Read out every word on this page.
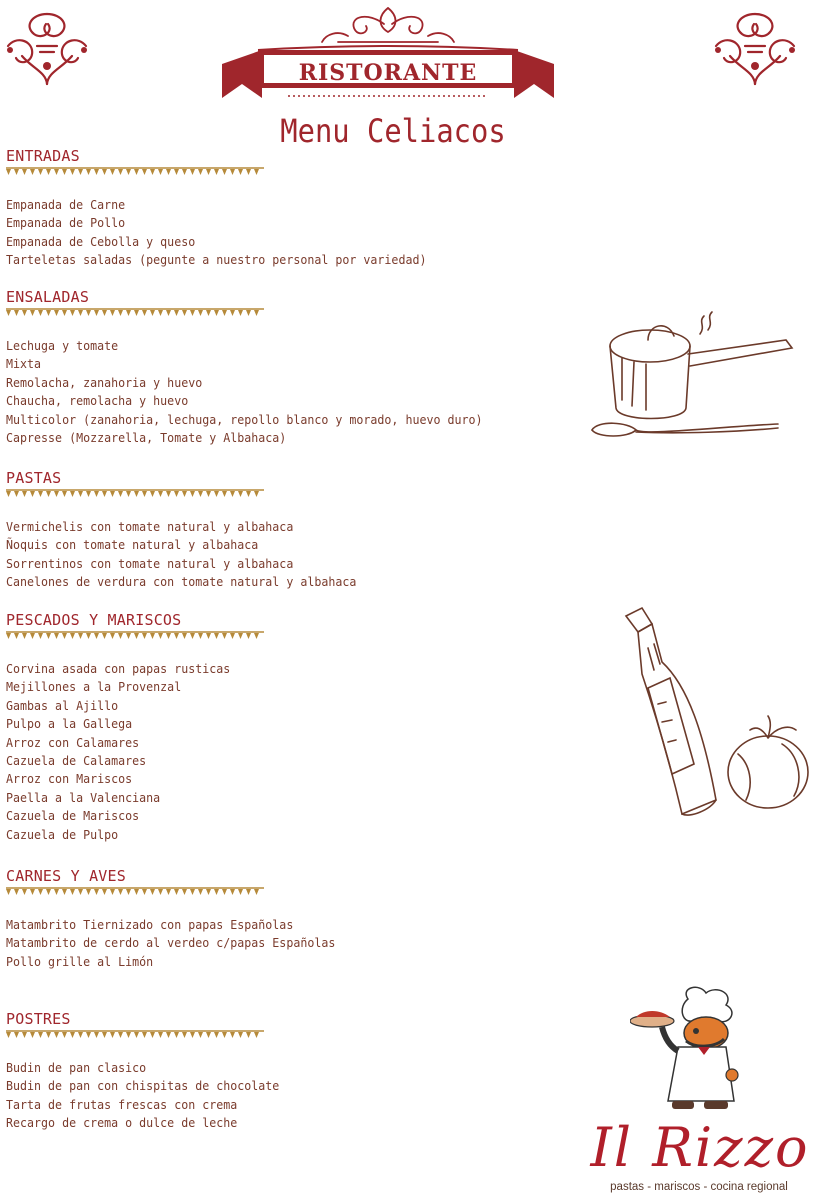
RISTORANTE
Menu Celiacos
ENTRADAS
Empanada de Carne
Empanada de Pollo
Empanada de Cebolla y queso
Tarteletas saladas (pegunte a nuestro personal por variedad)
ENSALADAS
Lechuga y tomate
Mixta
Remolacha, zanahoria y huevo
Chaucha, remolacha y huevo
Multicolor (zanahoria, lechuga, repollo blanco y morado, huevo duro)
Capresse (Mozzarella, Tomate y Albahaca)
PASTAS
Vermichelis con tomate natural y albahaca
Ñoquis con tomate natural y albahaca
Sorrentinos con tomate natural y albahaca
Canelones de verdura con tomate natural y albahaca
PESCADOS Y MARISCOS
Corvina asada con papas rusticas
Mejillones a la Provenzal
Gambas al Ajillo
Pulpo a la Gallega
Arroz con Calamares
Cazuela de Calamares
Arroz con Mariscos
Paella a la Valenciana
Cazuela de Mariscos
Cazuela de Pulpo
CARNES Y AVES
Matambrito Tiernizado con papas Españolas
Matambrito de cerdo al verdeo c/papas Españolas
Pollo grille al Limón
POSTRES
Budin de pan clasico
Budin de pan con chispitas de chocolate
Tarta de frutas frescas con crema
Recargo de crema o dulce de leche	Il Rizzo
pastas - mariscos - cocina regional
